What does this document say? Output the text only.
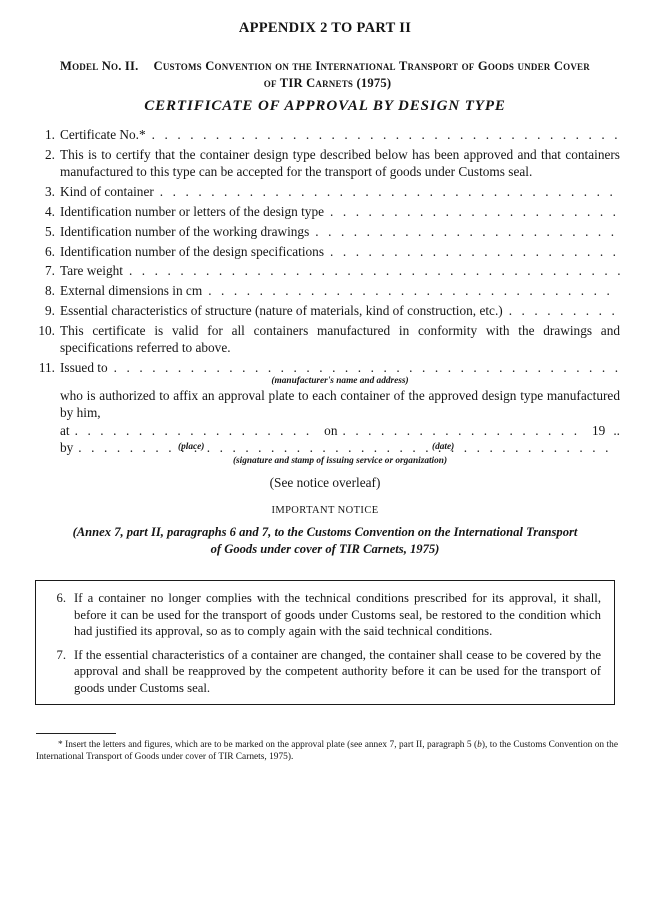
APPENDIX 2 TO PART II
Model No. II. Customs Convention on the International Transport of Goods under Cover of TIR Carnets (1975)
CERTIFICATE OF APPROVAL BY DESIGN TYPE
1. Certificate No.*
. . .
2. This is to certify that the container design type described below has been approved and that containers manufactured to this type can be accepted for the transport of goods under Customs seal.
3. Kind of container
. . .
4. Identification number or letters of the design type
. . .
5. Identification number of the working drawings
. . .
6. Identification number of the design specifications
. . .
7. Tare weight
. . .
8. External dimensions in cm
. . .
9. Essential characteristics of structure (nature of materials, kind of construction, etc.)
. . .
10. This certificate is valid for all containers manufactured in conformity with the drawings and specifications referred to above.
11. Issued to
. . .
(manufacturer's name and address)
who is authorized to affix an approval plate to each container of the approved design type manufactured by him,
at . . .	on . . .	19 ..
(place)	(date)
by
. . .
(signature and stamp of issuing service or organization)
(See notice overleaf)
IMPORTANT NOTICE
(Annex 7, part II, paragraphs 6 and 7, to the Customs Convention on the International Transport of Goods under cover of TIR Carnets, 1975)
6. If a container no longer complies with the technical conditions prescribed for its approval, it shall, before it can be used for the transport of goods under Customs seal, be restored to the condition which had justified its approval, so as to comply again with the said technical conditions.
7. If the essential characteristics of a container are changed, the container shall cease to be covered by the approval and shall be reapproved by the competent authority before it can be used for the transport of goods under Customs seal.
* Insert the letters and figures, which are to be marked on the approval plate (see annex 7, part II, paragraph 5 (b), to the Customs Convention on the International Transport of Goods under cover of TIR Carnets, 1975).
